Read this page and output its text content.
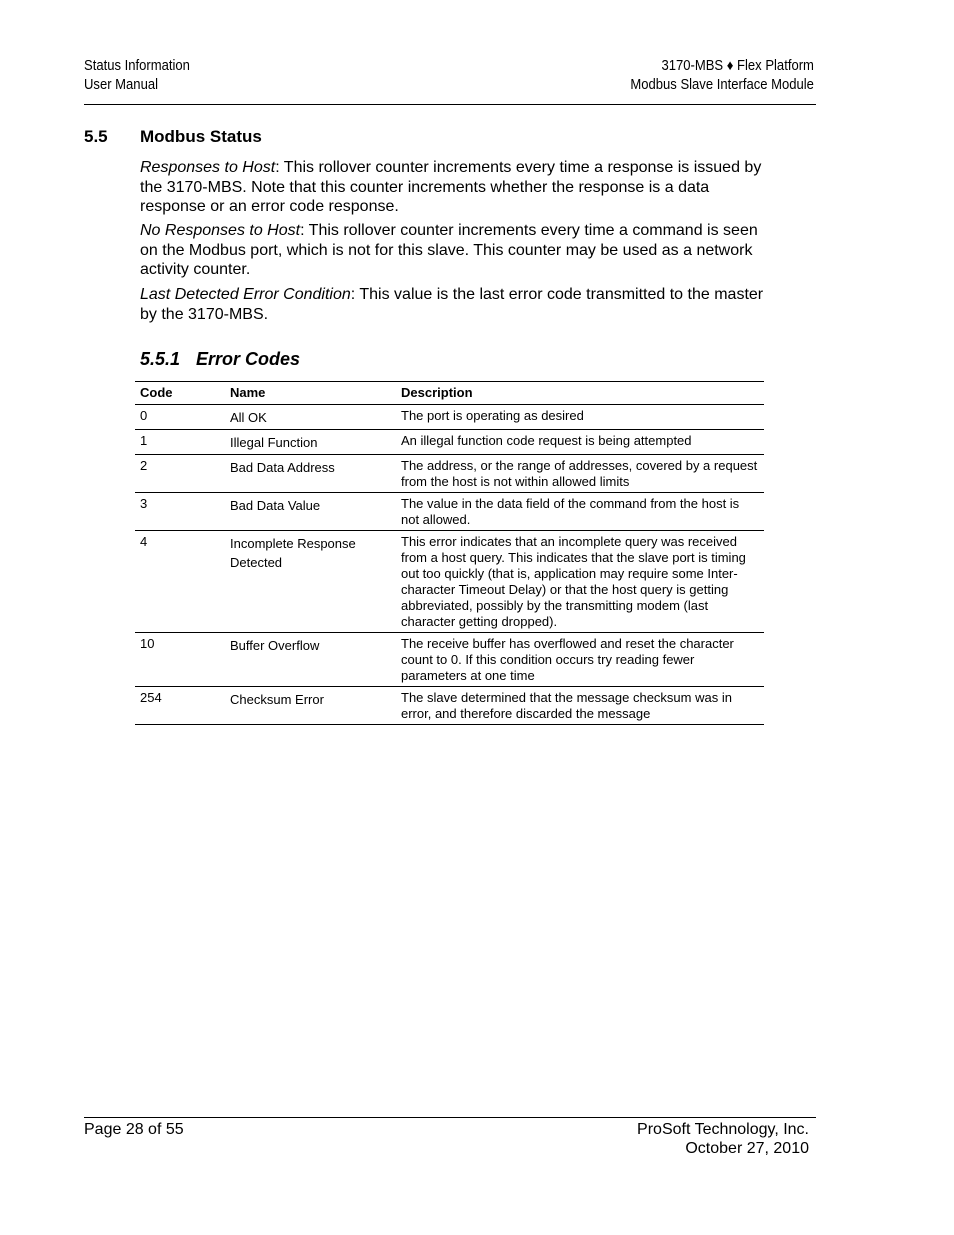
Status Information
User Manual
3170-MBS ♦ Flex Platform
Modbus Slave Interface Module
5.5 Modbus Status
Responses to Host: This rollover counter increments every time a response is issued by the 3170-MBS. Note that this counter increments whether the response is a data response or an error code response.
No Responses to Host: This rollover counter increments every time a command is seen on the Modbus port, which is not for this slave. This counter may be used as a network activity counter.
Last Detected Error Condition: This value is the last error code transmitted to the master by the 3170-MBS.
5.5.1 Error Codes
Code	Name	Description
0	All OK	The port is operating as desired
1	Illegal Function	An illegal function code request is being attempted
2	Bad Data Address	The address, or the range of addresses, covered by a request from the host is not within allowed limits
3	Bad Data Value	The value in the data field of the command from the host is not allowed.
4	Incomplete Response Detected	This error indicates that an incomplete query was received from a host query. This indicates that the slave port is timing out too quickly (that is, application may require some Inter-character Timeout Delay) or that the host query is getting abbreviated, possibly by the transmitting modem (last character getting dropped).
10	Buffer Overflow	The receive buffer has overflowed and reset the character count to 0. If this condition occurs try reading fewer parameters at one time
254	Checksum Error	The slave determined that the message checksum was in error, and therefore discarded the message
Page 28 of 55	ProSoft Technology, Inc.
October 27, 2010
